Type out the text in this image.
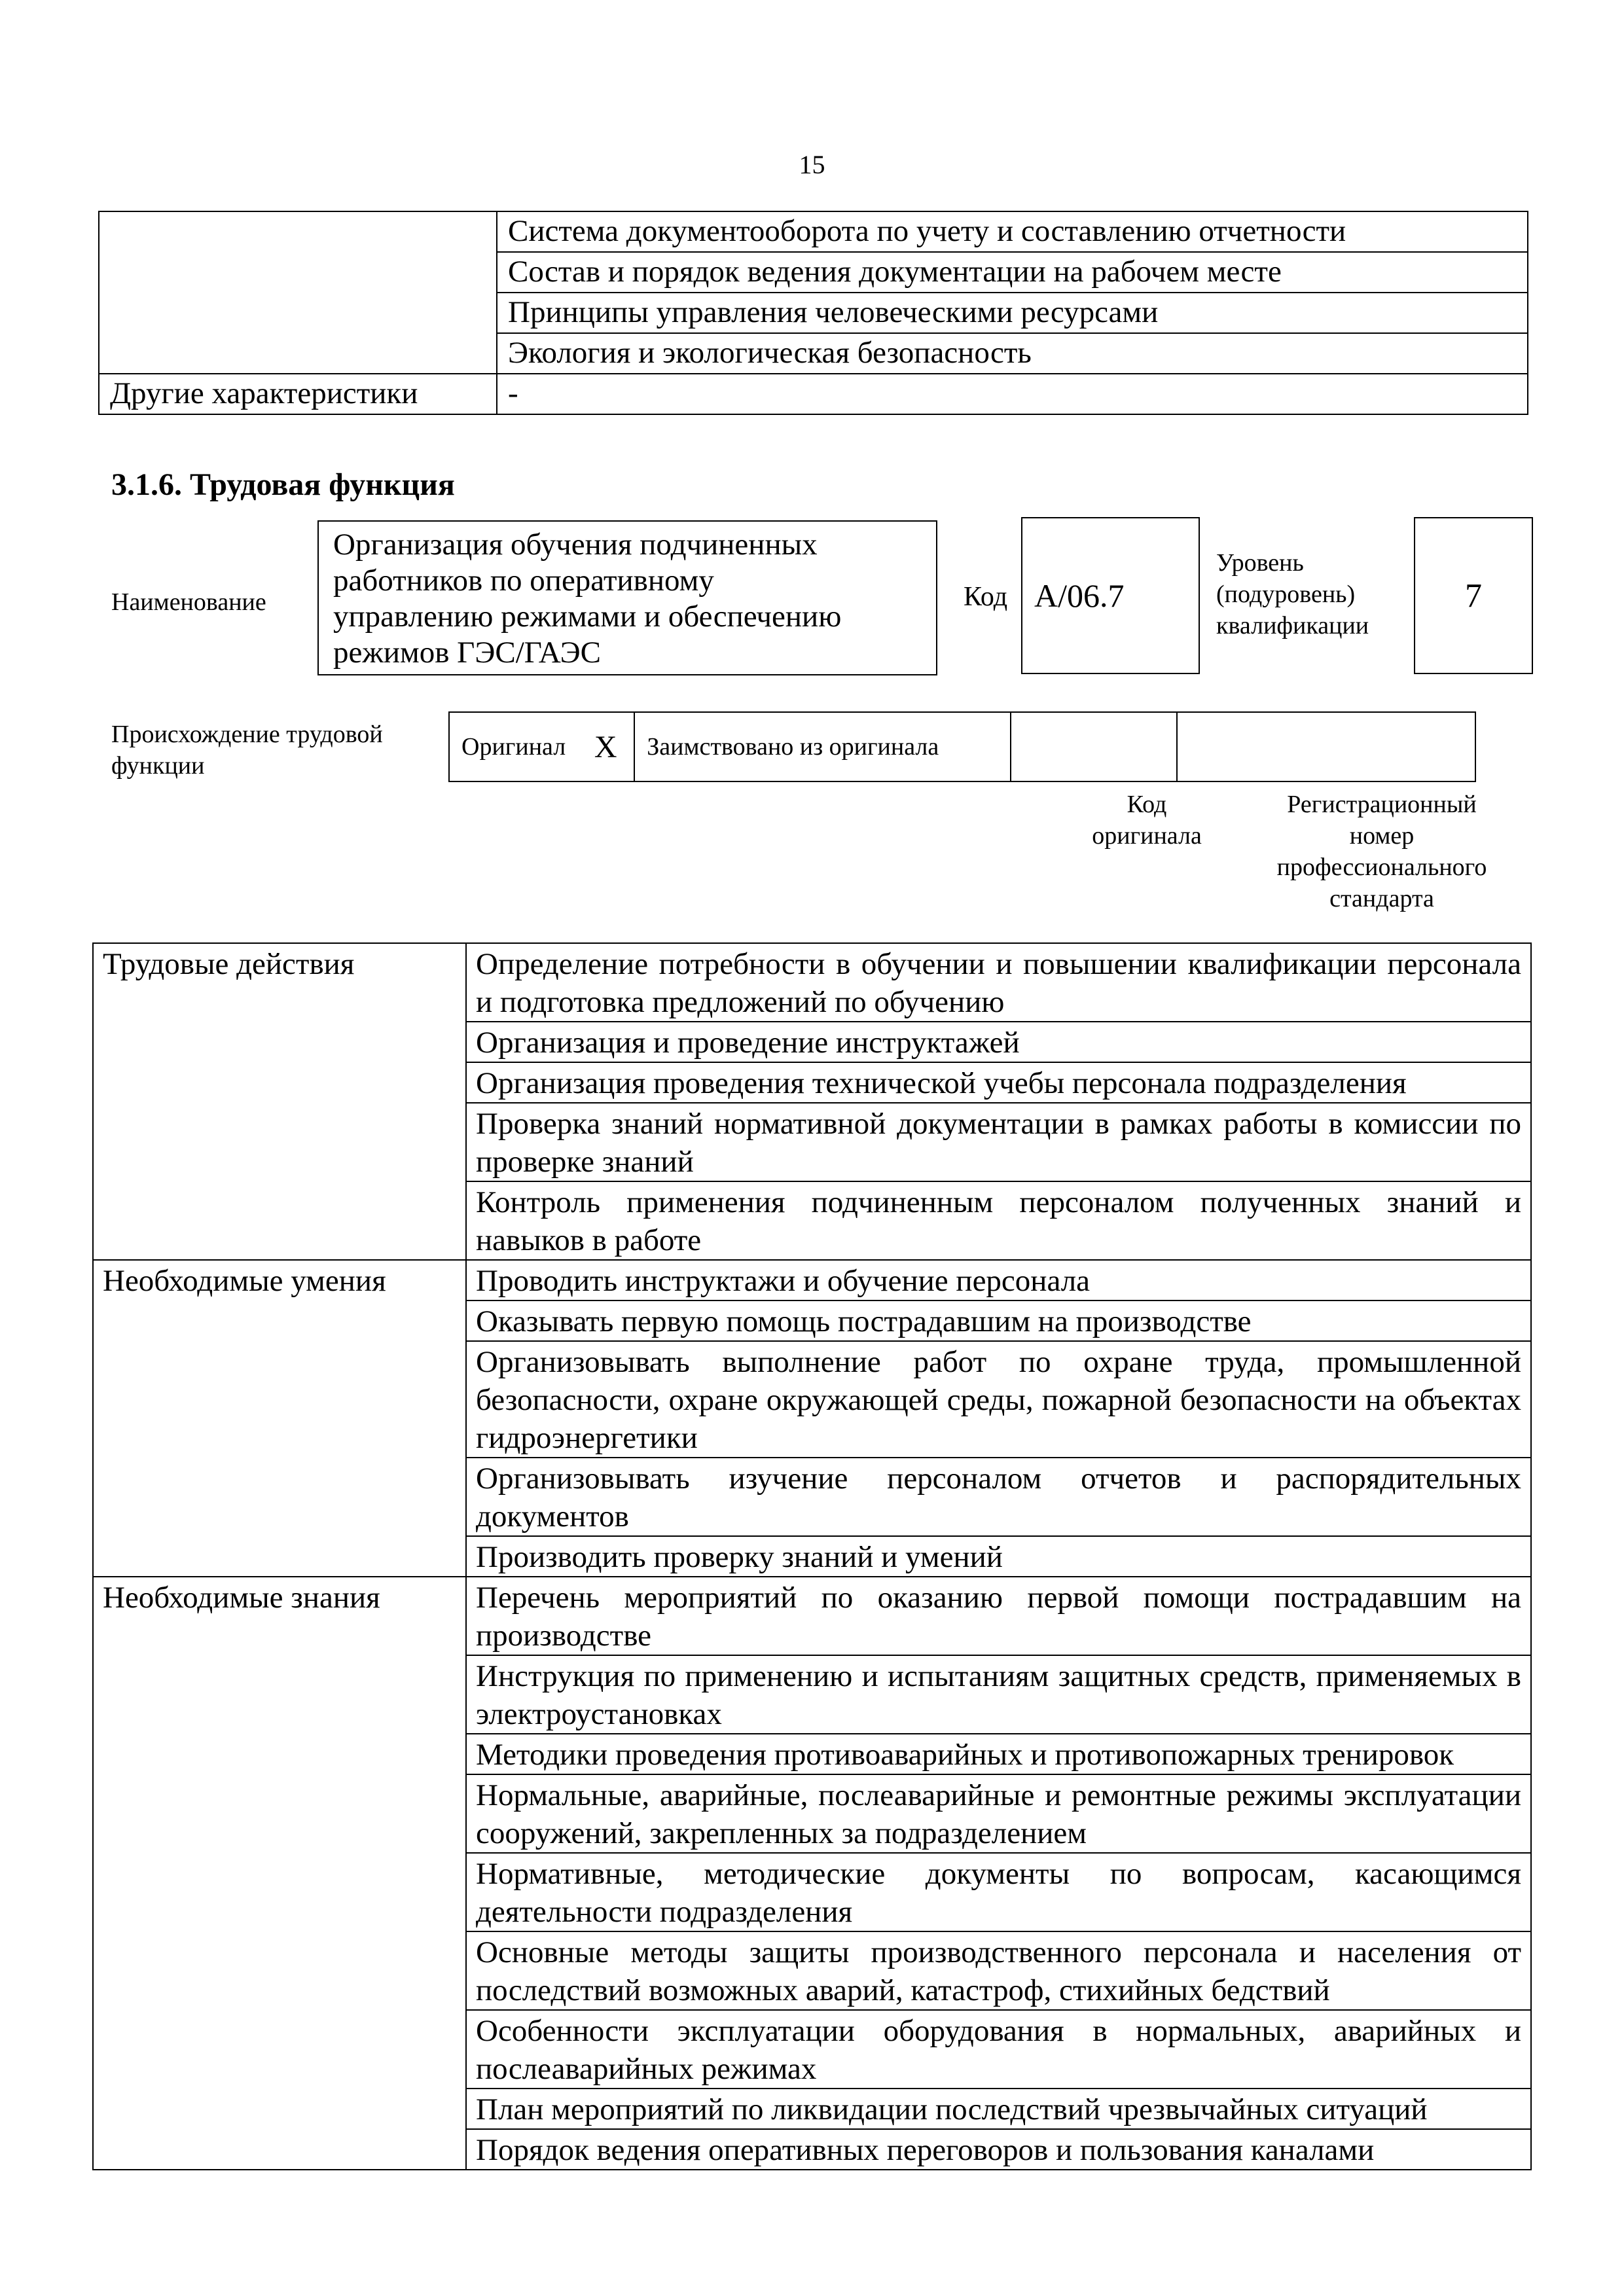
15
	Система документооборота по учету и составлению отчетности
	Состав и порядок ведения документации на рабочем месте
	Принципы управления человеческими ресурсами
	Экология и экологическая безопасность
Другие характеристики	-
3.1.6. Трудовая функция
Наименование
Организация обучения подчиненных
работников по оперативному
управлению режимами и обеспечению
режимов ГЭС/ГАЭС
Код А/06.7
Уровень
(подуровень)
квалификации
7
Происхождение трудовой
функции
Оригинал	X	Заимствовано из оригинала		
Код
оригинала
Регистрационный
номер
профессионального
стандарта
Трудовые действия	Определение потребности в обучении и повышении квалификации персонала и подготовка предложений по обучению
	Организация и проведение инструктажей
	Организация проведения технической учебы персонала подразделения
	Проверка знаний нормативной документации в рамках работы в комиссии по проверке знаний
	Контроль применения подчиненным персоналом полученных знаний и навыков в работе
Необходимые умения	Проводить инструктажи и обучение персонала
	Оказывать первую помощь пострадавшим на производстве
	Организовывать выполнение работ по охране труда, промышленной безопасности, охране окружающей среды, пожарной безопасности на объектах гидроэнергетики
	Организовывать изучение персоналом отчетов и распорядительных документов
	Производить проверку знаний и умений
Необходимые знания	Перечень мероприятий по оказанию первой помощи пострадавшим на производстве
	Инструкция по применению и испытаниям защитных средств, применяемых в электроустановках
	Методики проведения противоаварийных и противопожарных тренировок
	Нормальные, аварийные, послеаварийные и ремонтные режимы эксплуатации сооружений, закрепленных за подразделением
	Нормативные, методические документы по вопросам, касающимся деятельности подразделения
	Основные методы защиты производственного персонала и населения от последствий возможных аварий, катастроф, стихийных бедствий
	Особенности эксплуатации оборудования в нормальных, аварийных и послеаварийных режимах
	План мероприятий по ликвидации последствий чрезвычайных ситуаций
	Порядок ведения оперативных переговоров и пользования каналами
